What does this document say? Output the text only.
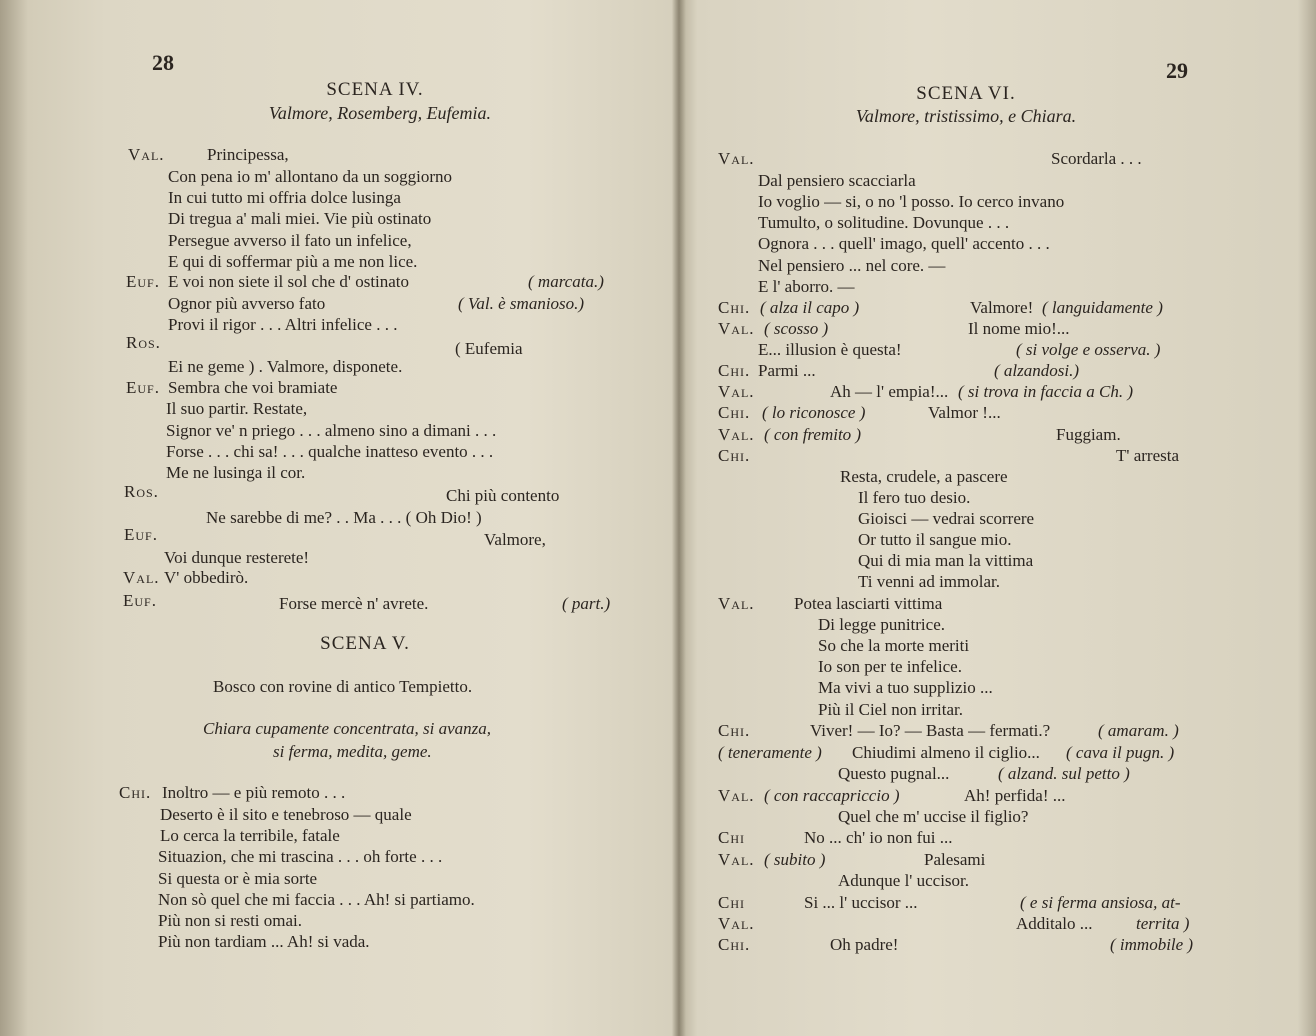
28
SCENA IV.
Valmore, Rosemberg, Eufemia.
Val. Principessa,
Con pena io m' allontano da un soggiorno
In cui tutto mi offria dolce lusinga
Di tregua a' mali miei. Vie più ostinato
Persegue avverso il fato un infelice,
E qui di soffermar più a me non lice.
Euf. E voi non siete il sol che d' ostinato	( marcata.)
Ognor più avverso fato	( Val. è smanioso.)
Provi il rigor . . . Altri infelice . . .
Ros.	( Eufemia
Ei ne geme ) . Valmore, disponete.
Euf. Sembra che voi bramiate
Il suo partir. Restate,
Signor ve' n priego . . . almeno sino a dimani . . .
Forse . . . chi sa! . . . qualche inatteso evento . . .
Me ne lusinga il cor.
Ros.	Chi più contento
Ne sarebbe di me? . . Ma . . . ( Oh Dio! )
Euf.	Valmore,
Voi dunque resterete!
Val. V' obbedirò.
Euf.	Forse mercè n' avrete.	( part.)
SCENA V.
Bosco con rovine di antico Tempietto.
Chiara cupamente concentrata, si avanza,
si ferma, medita, geme.
Chi. Inoltro — e più remoto . . .
Deserto è il sito e tenebroso — quale
Lo cerca la terribile, fatale
Situazion, che mi trascina . . . oh forte . . .
Si questa or è mia sorte
Non sò quel che mi faccia . . . Ah! si partiamo.
Più non si resti omai.
Più non tardiam ... Ah! si vada.
29
SCENA VI.
Valmore, tristissimo, e Chiara.
Val.	Scordarla . . .
Dal pensiero scacciarla
Io voglio — si, o no 'l posso. Io cerco invano
Tumulto, o solitudine. Dovunque . . .
Ognora . . . quell' imago, quell' accento . . .
Nel pensiero ... nel core. —
E l' aborro. —
Chi. ( alza il capo )	Valmore! ( languidamente )
Val. ( scosso )	Il nome mio!...
E... illusion è questa!	( si volge e osserva. )
Chi. Parmi ...	( alzandosi.)
Val.	Ah — l' empia!... ( si trova in faccia a Ch. )
Chi. ( lo riconosce )	Valmor !...
Val. ( con fremito )	Fuggiam.
Chi.	T' arresta
Resta, crudele, a pascere
Il fero tuo desio.
Gioisci — vedrai scorrere
Or tutto il sangue mio.
Qui di mia man la vittima
Ti venni ad immolar.
Val. Potea lasciarti vittima
Di legge punitrice.
So che la morte meriti
Io son per te infelice.
Ma vivi a tuo supplizio ...
Più il Ciel non irritar.
Chi.	Viver! — Io? — Basta — fermati.?	( amaram. )
( teneramente ) Chiudimi almeno il ciglio... ( cava il pugn. )
Questo pugnal...	( alzand. sul petto )
Val. ( con raccapriccio )	Ah! perfida! ...
Quel che m' uccise il figlio?
Chi	No ... ch' io non fui ...
Val. ( subito )	Palesami
Adunque l' uccisor.
Chi	Si ... l' uccisor ...	( e si ferma ansiosa, at-
Val.	Additalo ...	territa )
Chi.	Oh padre!	( immobile )
